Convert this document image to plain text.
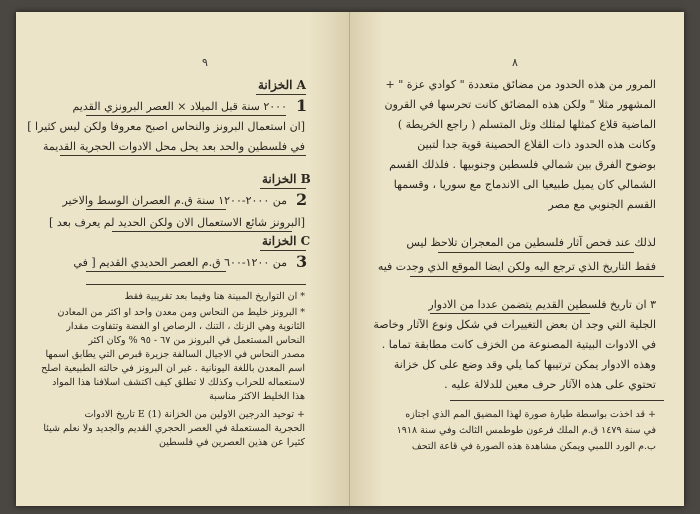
٩
الخزانة A
1

٢٠٠٠ سنة قبل الميلاد × العصر البرونزي القديم

[ان استعمال البرونز والنحاس اصبح معروفا ولكن ليس كثيرا ]

في فلسطين والحد بعد يحل محل الادوات الحجرية القديمة

الخزانة B
2

من ٢٠٠٠-١٢٠٠ سنة ق.م العصران الوسط والاخير

[البرونز شائع الاستعمال الان ولكن الحديد لم يعرف بعد ]

الخزانة C
3

من ١٢٠٠-٦٠٠ ق.م العصر الحديدي القديم [ في

* ان التواريخ المبينة هنا وفيما بعد تقريبية فقط

* البرونز خليط من النحاس ومن معدن واحد او اكثر من المعادن

الثانوية وهي الزنك ، التنك ، الرصاص او الفضة وتتفاوت مقدار

النحاس المستعمل في البرونز من ٦٧ - ٩٥ % وكان اكثر

مصدر النحاس في الاجيال السالفة جزيرة قبرص التي يطابق اسمها

اسم المعدن باللغة اليونانية . غير ان البرونز في حالته الطبيعية اصلح

لاستعماله للحراب وكذلك لا تطلق كيف اكتشف اسلافنا هذا المواد

هذا الخليط الاكثر مناسبة

+ توحيد الدرجين الاولين من الخزانة E (1) تاريخ الادوات

الحجرية المستعملة في العصر الحجري القديم والجديد ولا نعلم شيئا

كثيرا عن هذين العصرين في فلسطين

٨

المرور من هذه الحدود من مضائق متعددة " كوادي عزة " +

المشهور مثلا " ولكن هذه المضائق كانت تحرسها في القرون

الماضية قلاع كمثلها لمثلك وتل المتسلم ( راجع الخريطة )

وكانت هذه الحدود ذات القلاع الحصينة قوية جدا لتبين

بوضوح الفرق بين شمالي فلسطين وجنوبيها . فلذلك القسم

الشمالي كان يميل طبيعيا الى الاندماج مع سوريا ، وقسمها

القسم الجنوبي مع مصر

لذلك عند فحص آثار فلسطين من المعجران تلاحظ ليس

فقط التاريخ الذي ترجع اليه ولكن ايضا الموقع الذي وجدت فيه

٣ ان تاريخ فلسطين القديم يتضمن عددا من الادوار

الجلية التي وجد ان بعض التغييرات في شكل ونوع الآثار وخاصة

في الادوات البيتية المصنوعة من الخزف كانت مطابقة تماما .

وهذه الادوار يمكن ترتيبها كما يلي وقد وضع على كل خزانة

تحتوي على هذه الآثار حرف معين للدلالة عليه .

+ قد اخذت بواسطة طيارة صورة لهذا المضيق المم الذي اجتازه

في سنة ١٤٧٩ ق.م الملك فرعون طوطمس الثالث وفي سنة ١٩١٨

ب.م الورد اللمبي ويمكن مشاهدة هذه الصورة في قاعة التحف
